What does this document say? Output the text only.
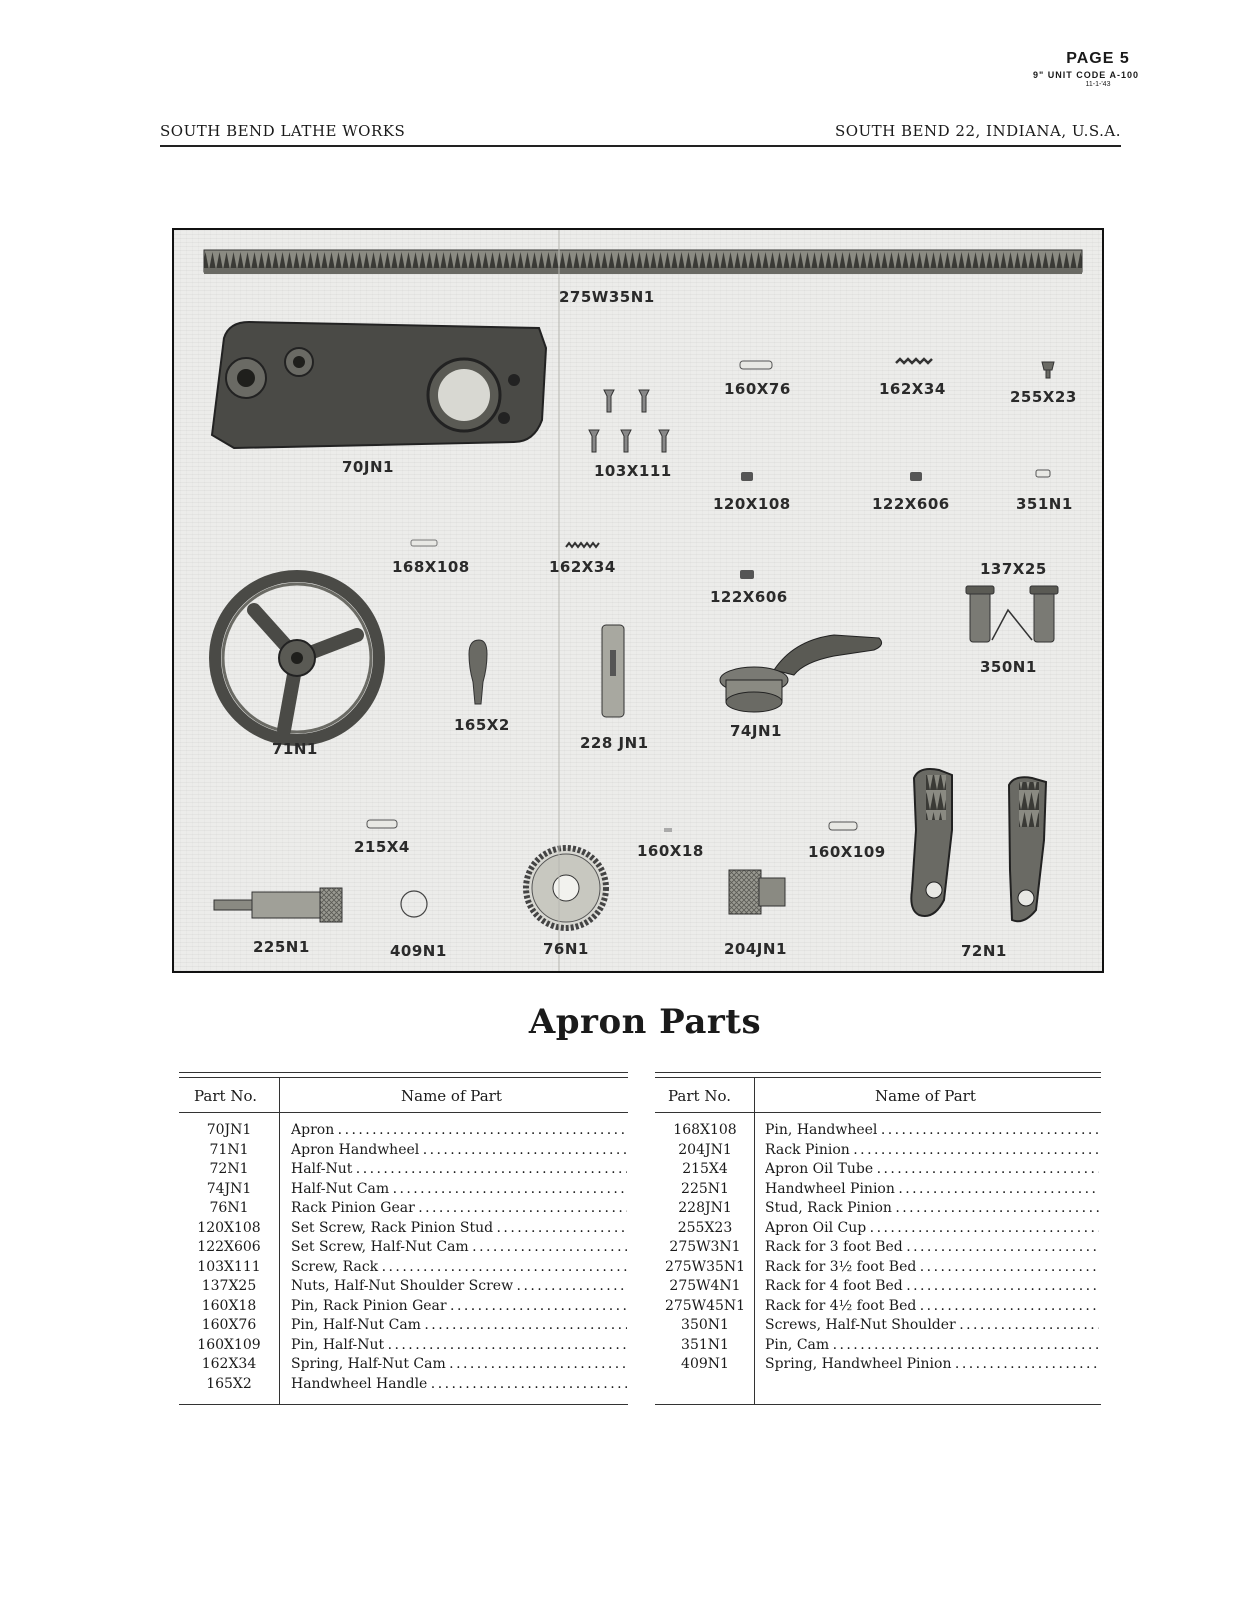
PAGE 5
9" UNIT CODE A-100
11-1-'43
SOUTH BEND LATHE WORKS	SOUTH BEND 22, INDIANA, U.S.A.
275W35N1
70JN1	103X111
160X76	162X34	255X23
120X108	122X606	351N1
168X108	162X34
122X606
137X25
350N1
71N1
165X2
228 JN1
74JN1
215X4	160X18	160X109
225N1	409N1	76N1	204JN1	72N1
Apron Parts
Part No.	Name of Part
70JN1	Apron . . .
71N1	Apron Handwheel . . .
72N1	Half-Nut . . .
74JN1	Half-Nut Cam . . .
76N1	Rack Pinion Gear . . .
120X108	Set Screw, Rack Pinion Stud . . .
122X606	Set Screw, Half-Nut Cam . . .
103X111	Screw, Rack . . .
137X25	Nuts, Half-Nut Shoulder Screw . . .
160X18	Pin, Rack Pinion Gear . . .
160X76	Pin, Half-Nut Cam . . .
160X109	Pin, Half-Nut . . .
162X34	Spring, Half-Nut Cam . . .
165X2	Handwheel Handle . . .
Part No.	Name of Part
168X108	Pin, Handwheel . . .
204JN1	Rack Pinion . . .
215X4	Apron Oil Tube . . .
225N1	Handwheel Pinion . . .
228JN1	Stud, Rack Pinion . . .
255X23	Apron Oil Cup . . .
275W3N1	Rack for 3 foot Bed . . .
275W35N1	Rack for 3½ foot Bed . . .
275W4N1	Rack for 4 foot Bed . . .
275W45N1	Rack for 4½ foot Bed . . .
350N1	Screws, Half-Nut Shoulder . . .
351N1	Pin, Cam . . .
409N1	Spring, Handwheel Pinion . . .
